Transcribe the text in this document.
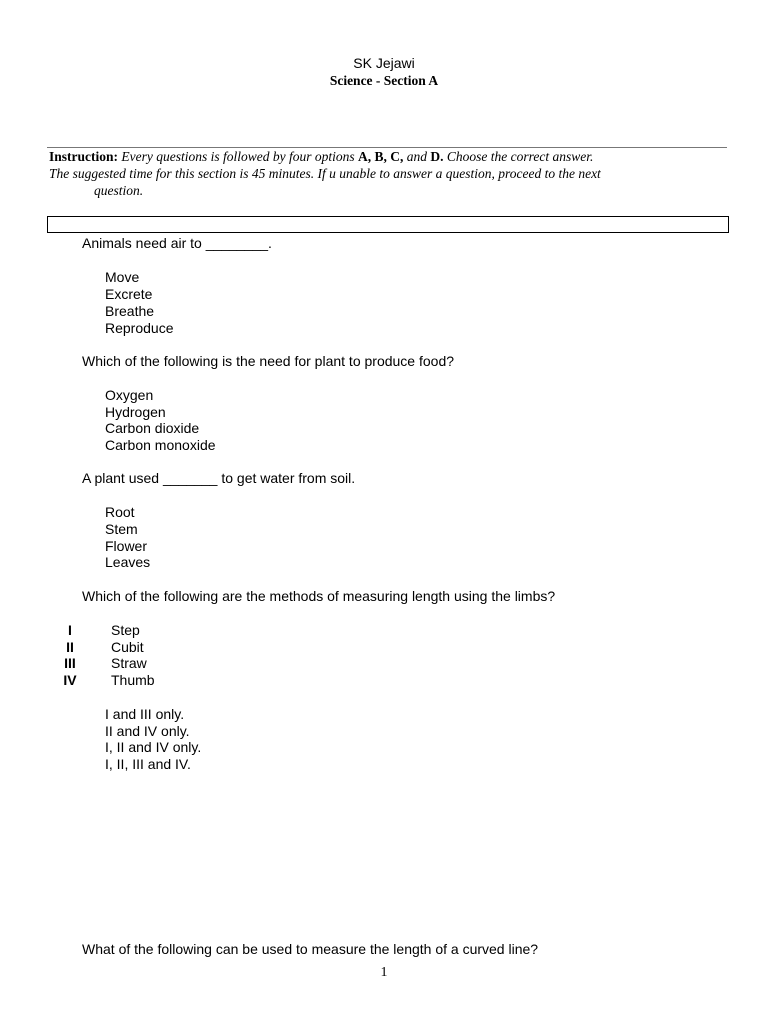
SK Jejawi
Science - Section A
Instruction: Every questions is followed by four options A, B, C, and D. Choose the correct answer.
The suggested time for this section is 45 minutes. If u unable to answer a question, proceed to the next
question.
Animals need air to ________.
Move
Excrete
Breathe
Reproduce
Which of the following is the need for plant to produce food?
Oxygen
Hydrogen
Carbon dioxide
Carbon monoxide
A plant used _______ to get water from soil.
Root
Stem
Flower
Leaves
Which of the following are the methods of measuring length using the limbs?
I	Step
II	Cubit
III	Straw
IV	Thumb
I and III only.
II and IV only.
I, II and IV only.
I, II, III and IV.
What of the following can be used to measure the length of a curved line?
1
